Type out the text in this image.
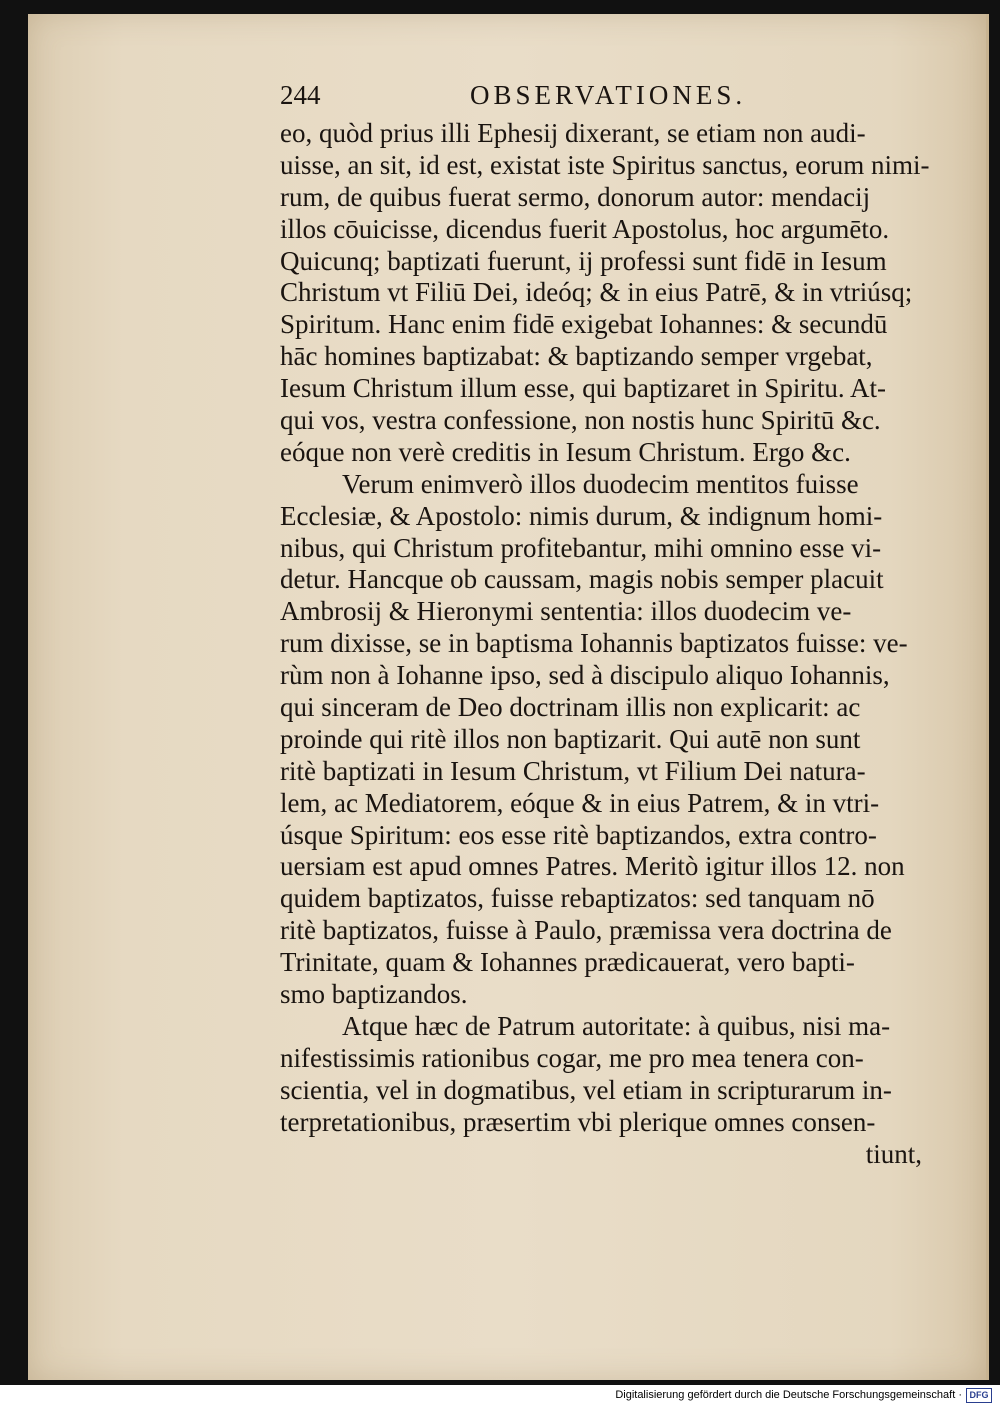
244	OBSERVATIONES.
eo, quòd prius illi Ephesij dixerant, se etiam non audi-
uisse, an sit, id est, existat iste Spiritus sanctus, eorum nimi-
rum, de quibus fuerat sermo, donorum autor: mendacij
illos cōuicisse, dicendus fuerit Apostolus, hoc argumēto.
Quicunq; baptizati fuerunt, ij professi sunt fidē in Iesum
Christum vt Filiū Dei, ideóq; & in eius Patrē, & in vtriúsq;
Spiritum. Hanc enim fidē exigebat Iohannes: & secundū
hāc homines baptizabat: & baptizando semper vrgebat,
Iesum Christum illum esse, qui baptizaret in Spiritu. At-
qui vos, vestra confessione, non nostis hunc Spiritū &c.
eóque non verè creditis in Iesum Christum. Ergo &c.
Verum enimverò illos duodecim mentitos fuisse
Ecclesiæ, & Apostolo: nimis durum, & indignum homi-
nibus, qui Christum profitebantur, mihi omnino esse vi-
detur. Hancque ob caussam, magis nobis semper placuit
Ambrosij & Hieronymi sententia: illos duodecim ve-
rum dixisse, se in baptisma Iohannis baptizatos fuisse: ve-
rùm non à Iohanne ipso, sed à discipulo aliquo Iohannis,
qui sinceram de Deo doctrinam illis non explicarit: ac
proinde qui ritè illos non baptizarit. Qui autē non sunt
ritè baptizati in Iesum Christum, vt Filium Dei natura-
lem, ac Mediatorem, eóque & in eius Patrem, & in vtri-
úsque Spiritum: eos esse ritè baptizandos, extra contro-
uersiam est apud omnes Patres. Meritò igitur illos 12. non
quidem baptizatos, fuisse rebaptizatos: sed tanquam nō
ritè baptizatos, fuisse à Paulo, præmissa vera doctrina de
Trinitate, quam & Iohannes prædicauerat, vero bapti-
smo baptizandos.
Atque hæc de Patrum autoritate: à quibus, nisi ma-
nifestissimis rationibus cogar, me pro mea tenera con-
scientia, vel in dogmatibus, vel etiam in scripturarum in-
terpretationibus, præsertim vbi plerique omnes consen-
tiunt,
Digitalisierung gefördert durch die Deutsche Forschungsgemeinschaft · DFG
